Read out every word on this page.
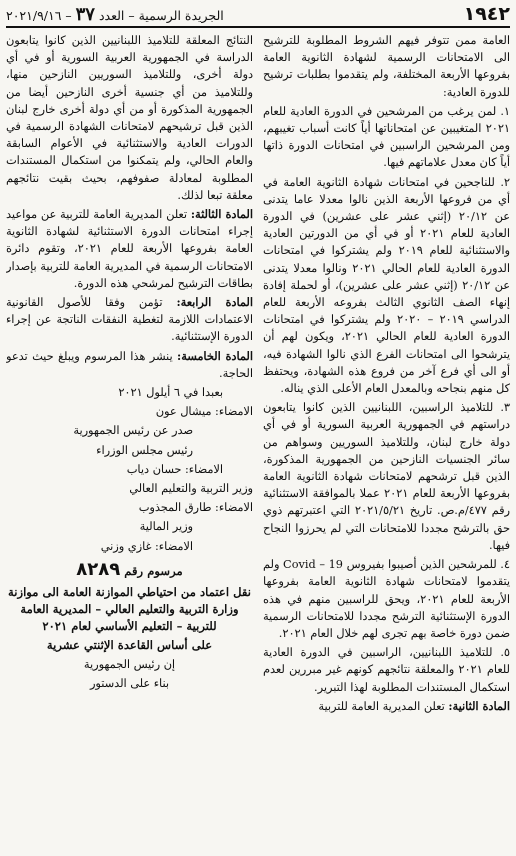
١٩٤٢
الجريدة الرسمية – العدد ٣٧ – ٢٠٢١/٩/١٦

العامة ممن تتوفر فيهم الشروط المطلوبة للترشيح الى الامتحانات الرسمية لشهادة الثانوية العامة بفروعها الأربعة المختلفة، ولم يتقدموا بطلبات ترشيح للدورة العادية:

١. لمن يرغب من المرشحين في الدورة العادية للعام ٢٠٢١ المتغيبين عن امتحاناتها أياً كانت أسباب تغيبهم، ومن المرشحين الراسبين في امتحانات الدورة ذاتها أياً كان معدل علاماتهم فيها.

٢. للناجحين في امتحانات شهادة الثانوية العامة في أي من فروعها الأربعة الذين نالوا معدلا عاما يتدنى عن ٢٠/١٢ (إثني عشر على عشرين) في الدورة العادية للعام ٢٠٢١ أو في أي من الدورتين العادية والاستثنائية للعام ٢٠١٩ ولم يشتركوا في امتحانات الدورة العادية للعام الحالي ٢٠٢١ ونالوا معدلا يتدنى عن ٢٠/١٢ (إثني عشر على عشرين)، أو لحملة إفادة إنهاء الصف الثانوي الثالث بفروعه الأربعة للعام الدراسي ٢٠١٩ – ٢٠٢٠ ولم يشتركوا في امتحانات الدورة العادية للعام الحالي ٢٠٢١، ويكون لهم أن يترشحوا الى امتحانات الفرع الذي نالوا الشهادة فيه، أو الى أي فرع آخر من فروع هذه الشهادة، ويحتفظ كل منهم بنجاحه وبالمعدل العام الأعلى الذي يناله.

٣. للتلاميذ الراسبين، اللبنانيين الذين كانوا يتابعون دراستهم في الجمهورية العربية السورية أو في أي دولة خارج لبنان، وللتلاميذ السوريين وسواهم من سائر الجنسيات النازحين من الجمهورية المذكورة، الذين قبل ترشحهم لامتحانات شهادة الثانوية العامة بفروعها الأربعة للعام ٢٠٢١ عملا بالموافقة الاستثنائية رقم ٤٧٧/م.ص. تاريخ ٢٠٢١/٥/٢١ التي اعتبرتهم ذوي حق بالترشح مجددا للامتحانات التي لم يحرزوا النجاح فيها.

٤. للمرشحين الذين أصيبوا بفيروس Covid – 19 ولم يتقدموا لامتحانات شهادة الثانوية العامة بفروعها الأربعة للعام ٢٠٢١، ويحق للراسبين منهم في هذه الدورة الإستثنائية الترشح مجددا للامتحانات الرسمية ضمن دورة خاصة بهم تجرى لهم خلال العام ٢٠٢١.

٥. للتلاميذ اللبنانيين، الراسبين في الدورة العادية للعام ٢٠٢١ والمعلقة نتائجهم كونهم غير مبررين لعدم استكمال المستندات المطلوبة لهذا التبرير.

المادة الثانية: تعلن المديرية العامة للتربية

النتائج المعلقة للتلاميذ اللبنانيين الذين كانوا يتابعون الدراسة في الجمهورية العربية السورية أو في أي دولة أخرى، وللتلاميذ السوريين النازحين منها، وللتلاميذ من أي جنسية أخرى النازحين أيضا من الجمهورية المذكورة أو من أي دولة أخرى خارج لبنان الذين قبل ترشيحهم لامتحانات الشهادة الرسمية في الدورات العادية والاستثنائية في الأعوام السابقة والعام الحالي، ولم يتمكنوا من استكمال المستندات المطلوبة لمعادلة صفوفهم، بحيث بقيت نتائجهم معلقة تبعا لذلك.

المادة الثالثة: تعلن المديرية العامة للتربية عن مواعيد إجراء امتحانات الدورة الاستثنائية لشهادة الثانوية العامة بفروعها الأربعة للعام ٢٠٢١، وتقوم دائرة الامتحانات الرسمية في المديرية العامة للتربية بإصدار بطاقات الترشيح لمرشحي هذه الدورة.

المادة الرابعة: تؤمن وفقا للأصول القانونية الاعتمادات اللازمة لتغطية النفقات الناتجة عن إجراء الدورة الإستثنائية.

المادة الخامسة: ينشر هذا المرسوم ويبلغ حيث تدعو الحاجة.

بعبدا في ٦ أيلول ٢٠٢١

الامضاء: ميشال عون

صدر عن رئيس الجمهورية

رئيس مجلس الوزراء

الامضاء: حسان دياب

وزير التربية والتعليم العالي

الامضاء: طارق المجذوب

وزير المالية

الامضاء: غازي وزني

مرسوم رقم ٨٢٨٩

نقل اعتماد من احتياطي الموازنة العامة الى موازنة وزارة التربية والتعليم العالي – المديرية العامة للتربية – التعليم الأساسي لعام ٢٠٢١

على أساس القاعدة الإثنتي عشرية

إن رئيس الجمهورية

بناء على الدستور
